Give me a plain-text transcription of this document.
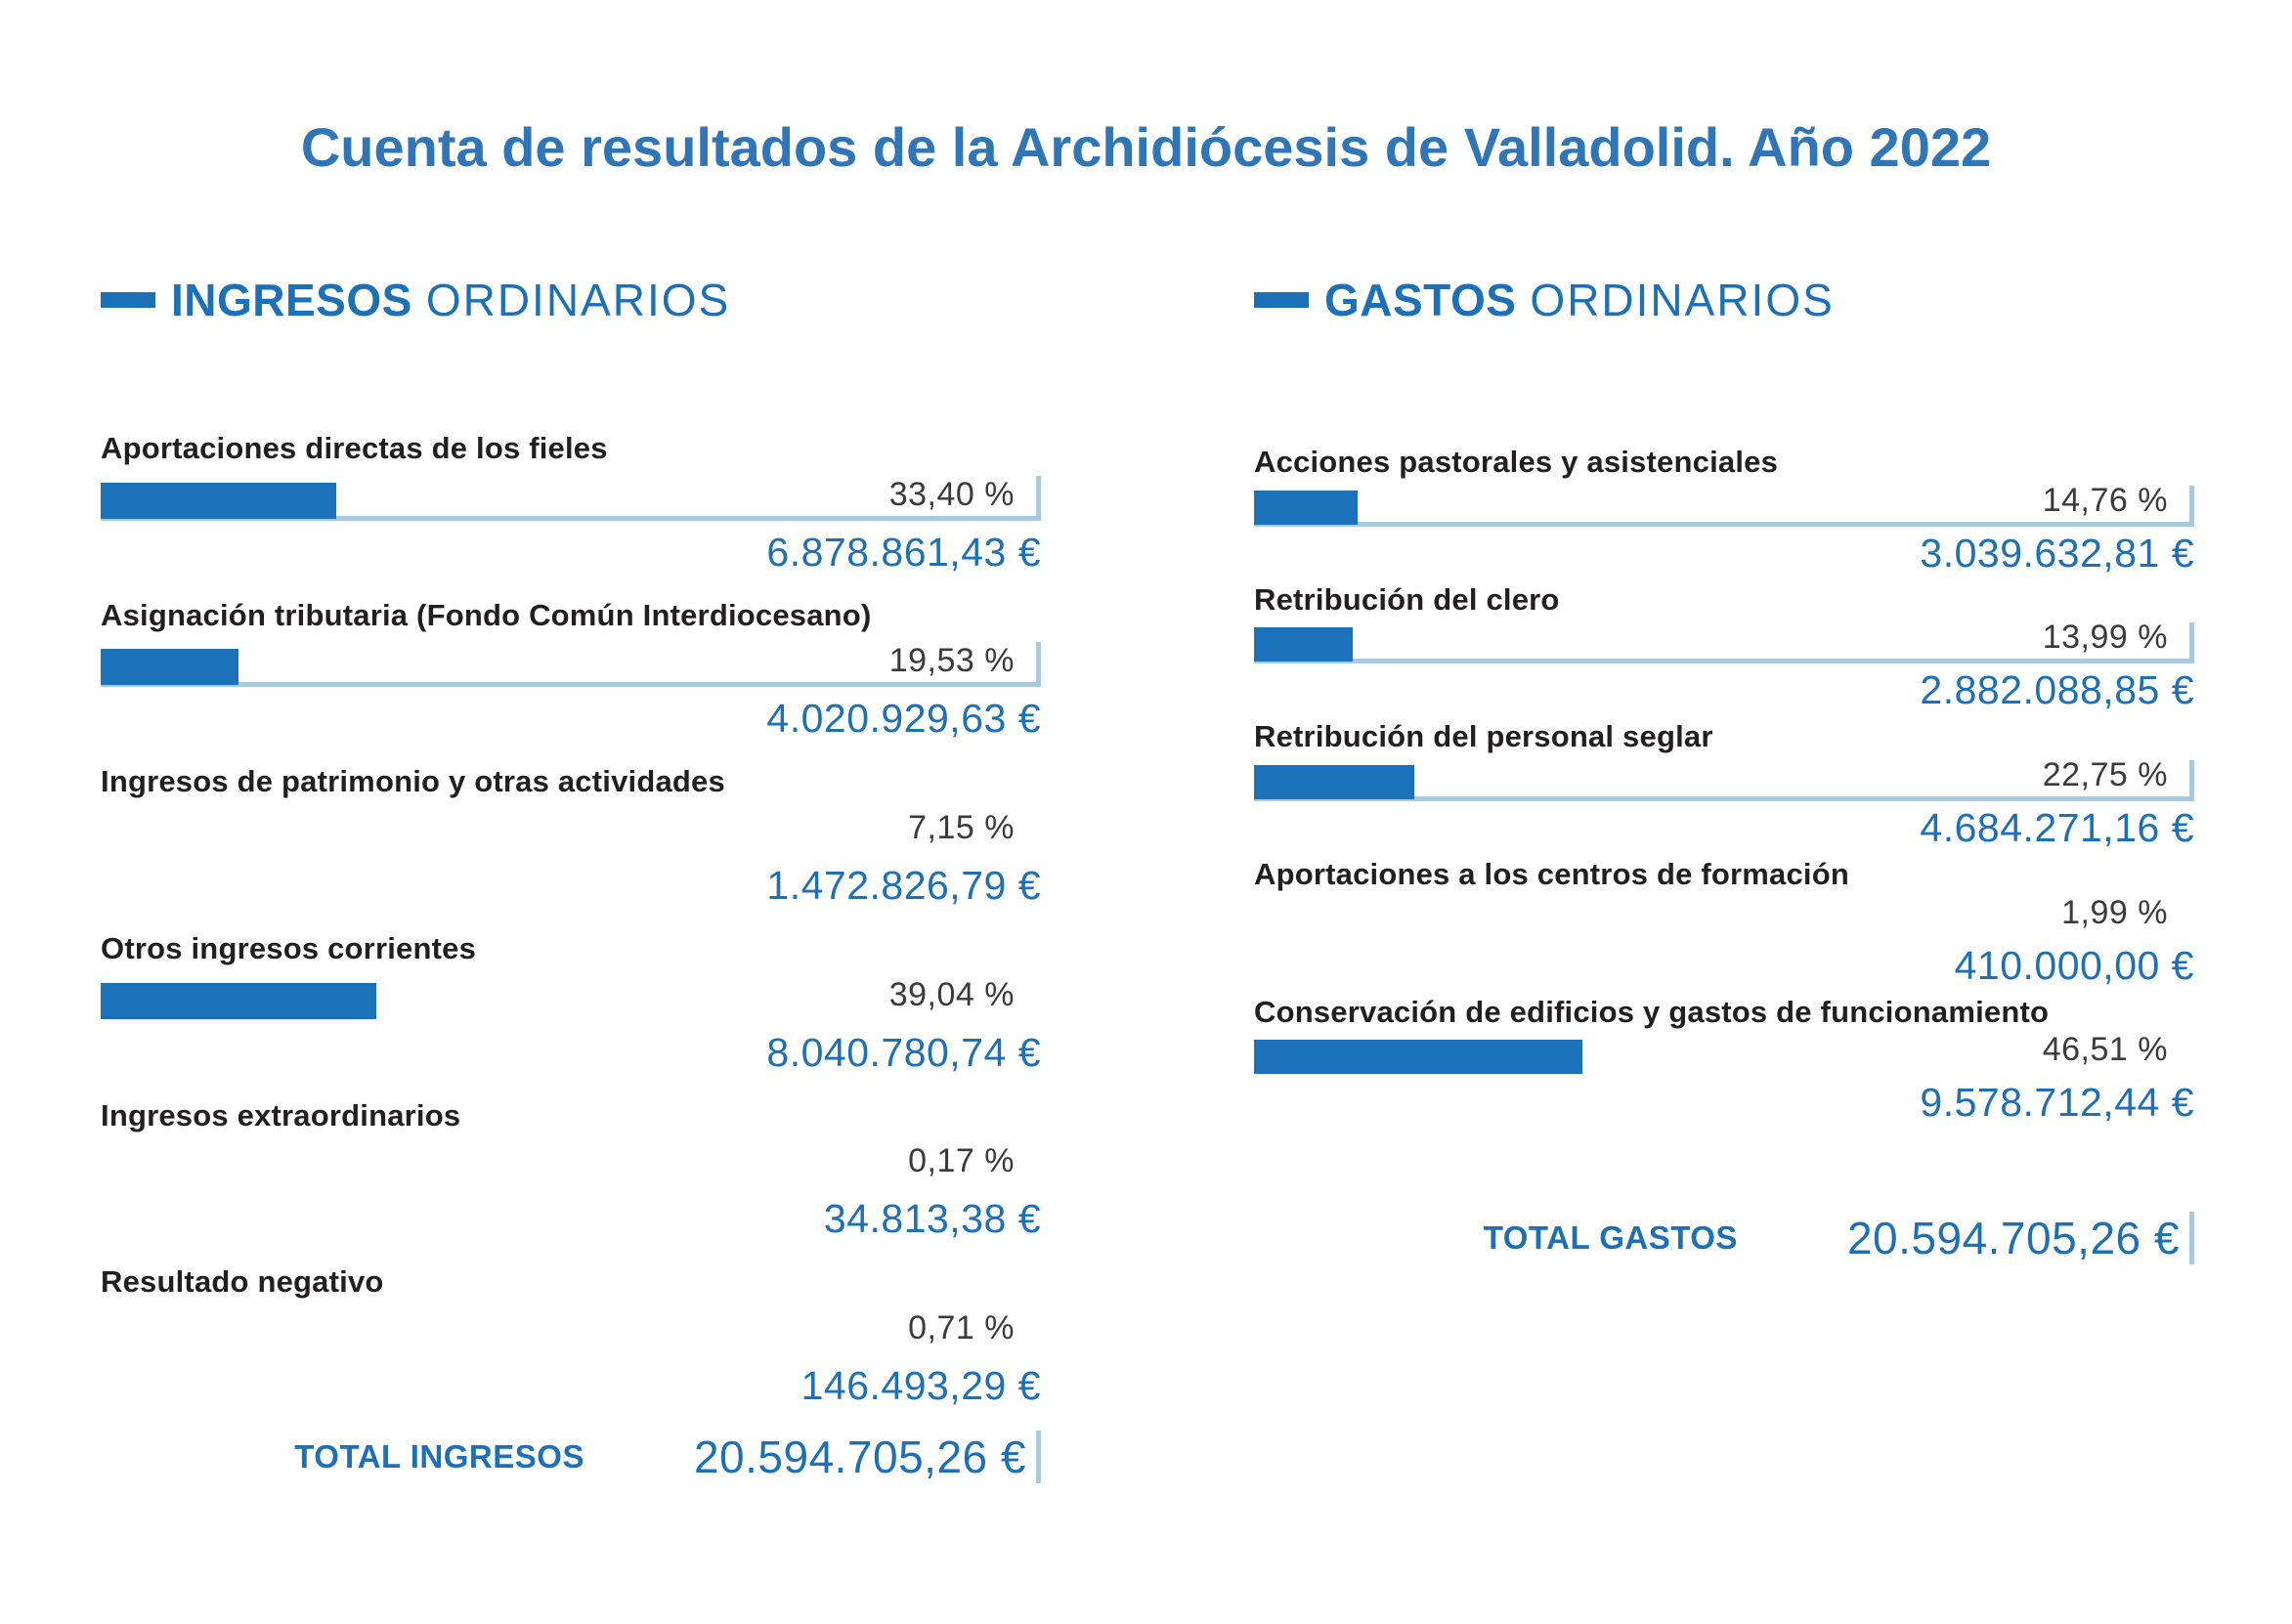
Cuenta de resultados de la Archidiócesis de Valladolid. Año 2022
INGRESOS ORDINARIOS
Aportaciones directas de los fieles
33,40 %
6.878.861,43 €
Asignación tributaria (Fondo Común Interdiocesano)
19,53 %
4.020.929,63 €
Ingresos de patrimonio y otras actividades
7,15 %
1.472.826,79 €
Otros ingresos corrientes
39,04 %
8.040.780,74 €
Ingresos extraordinarios
0,17 %
34.813,38 €
Resultado negativo
0,71 %
146.493,29 €
TOTAL INGRESOS 20.594.705,26 €
GASTOS ORDINARIOS
Acciones pastorales y asistenciales
14,76 %
3.039.632,81 €
Retribución del clero
13,99 %
2.882.088,85 €
Retribución del personal seglar
22,75 %
4.684.271,16 €
Aportaciones a los centros de formación
1,99 %
410.000,00 €
Conservación de edificios y gastos de funcionamiento
46,51 %
9.578.712,44 €
TOTAL GASTOS 20.594.705,26 €
